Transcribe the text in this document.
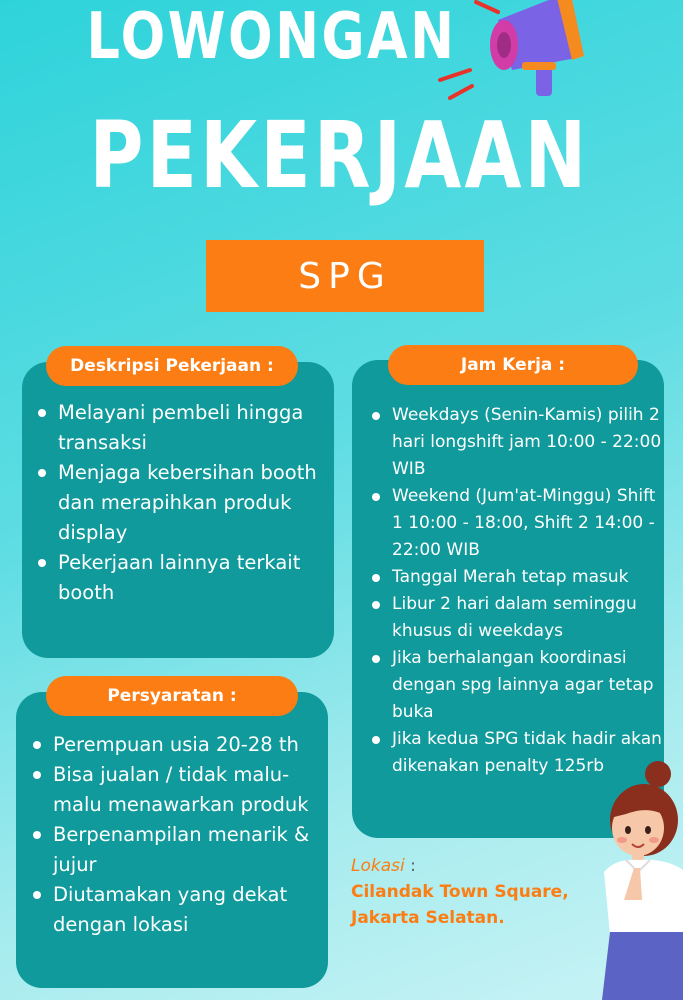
LOWONGAN
PEKERJAAN
SPG
Deskripsi Pekerjaan :
Melayani pembeli hingga transaksi
Menjaga kebersihan booth dan merapihkan produk display
Pekerjaan lainnya terkait booth
Jam Kerja :
Weekdays (Senin-Kamis) pilih 2 hari longshift jam 10:00 - 22:00 WIB
Weekend (Jum'at-Minggu) Shift 1 10:00 - 18:00, Shift 2 14:00 - 22:00 WIB
Tanggal Merah tetap masuk
Libur 2 hari dalam seminggu khusus di weekdays
Jika berhalangan koordinasi dengan spg lainnya agar tetap buka
Jika kedua SPG tidak hadir akan dikenakan penalty 125rb
Persyaratan :
Perempuan usia 20-28 th
Bisa jualan / tidak malu-malu menawarkan produk
Berpenampilan menarik & jujur
Diutamakan yang dekat dengan lokasi
Lokasi :
Cilandak Town Square,
Jakarta Selatan.
